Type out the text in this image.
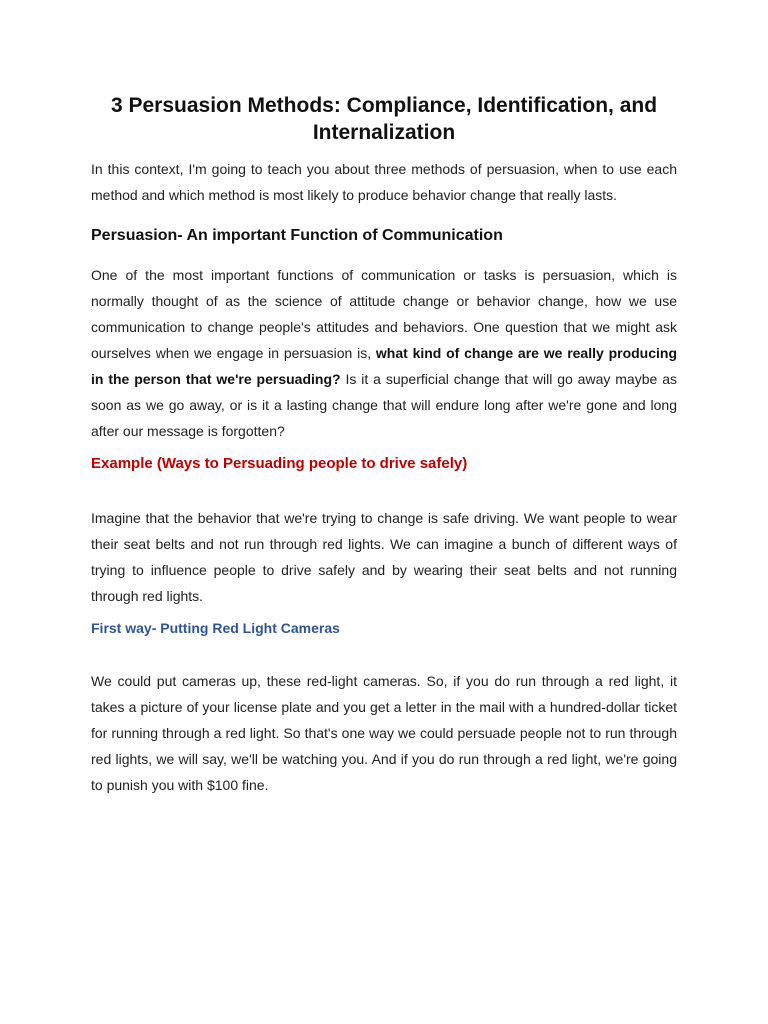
3 Persuasion Methods: Compliance, Identification, and Internalization

In this context, I'm going to teach you about three methods of persuasion, when to use each method and which method is most likely to produce behavior change that really lasts.

Persuasion- An important Function of Communication

One of the most important functions of communication or tasks is persuasion, which is normally thought of as the science of attitude change or behavior change, how we use communication to change people's attitudes and behaviors. One question that we might ask ourselves when we engage in persuasion is, what kind of change are we really producing in the person that we're persuading? Is it a superficial change that will go away maybe as soon as we go away, or is it a lasting change that will endure long after we're gone and long after our message is forgotten?

Example (Ways to Persuading people to drive safely)

Imagine that the behavior that we're trying to change is safe driving. We want people to wear their seat belts and not run through red lights. We can imagine a bunch of different ways of trying to influence people to drive safely and by wearing their seat belts and not running through red lights.

First way- Putting Red Light Cameras

We could put cameras up, these red-light cameras. So, if you do run through a red light, it takes a picture of your license plate and you get a letter in the mail with a hundred-dollar ticket for running through a red light. So that's one way we could persuade people not to run through red lights, we will say, we'll be watching you. And if you do run through a red light, we're going to punish you with $100 fine.
